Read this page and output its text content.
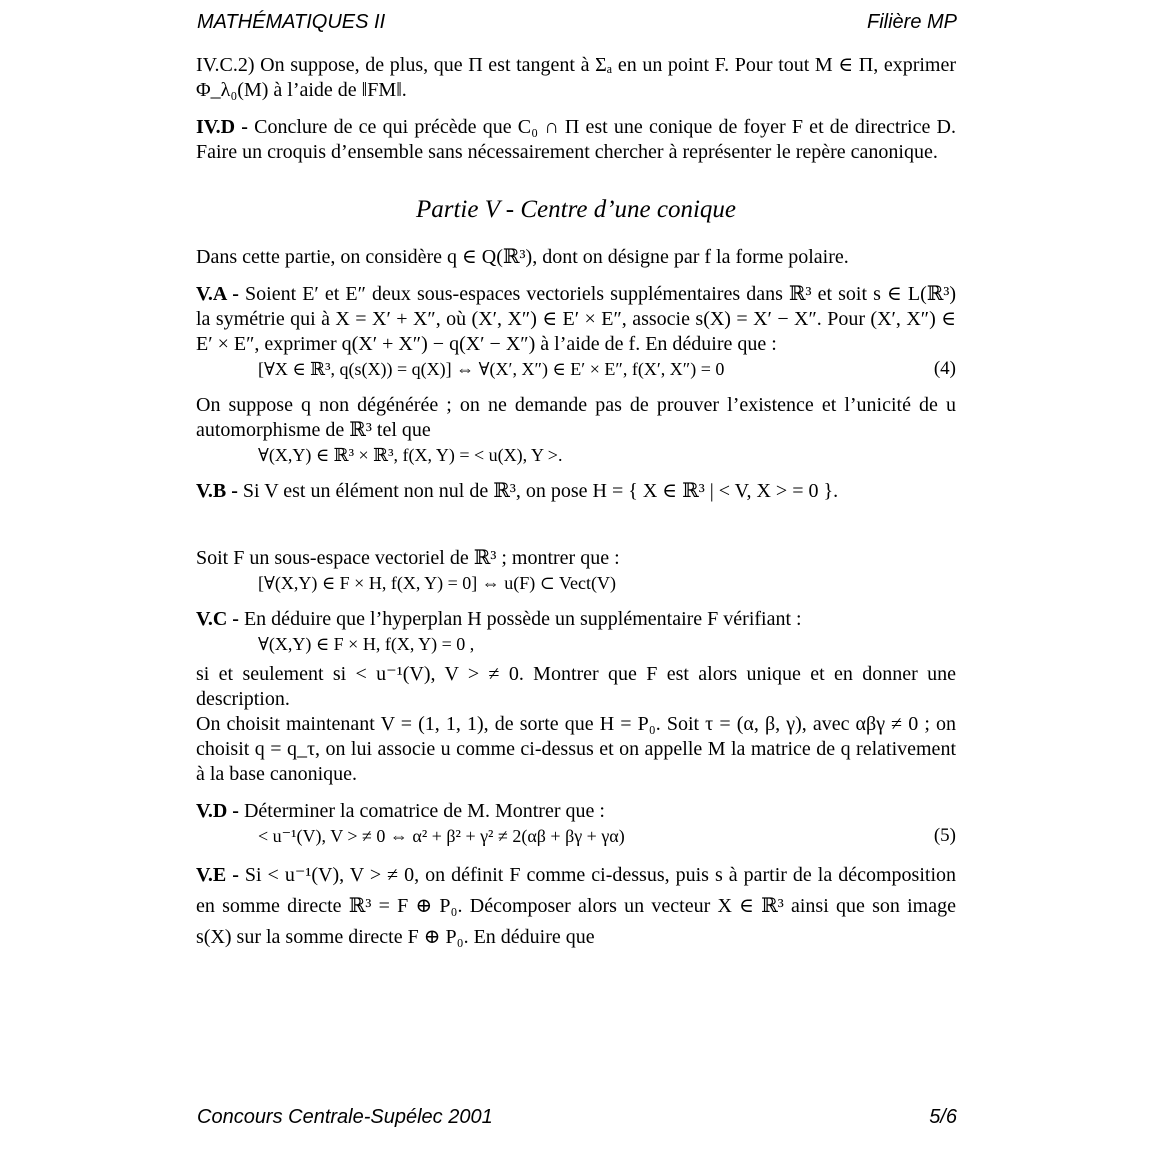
MATHÉMATIQUES II	Filière MP

IV.C.2) On suppose, de plus, que Π est tangent à Σₐ en un point F. Pour tout M ∈ Π, exprimer Φ_λ₀(M) à l’aide de ‖FM‖.

IV.D - Conclure de ce qui précède que C₀ ∩ Π est une conique de foyer F et de directrice D. Faire un croquis d’ensemble sans nécessairement chercher à représenter le repère canonique.

Partie V - Centre d’une conique

Dans cette partie, on considère q ∈ Q(ℝ³), dont on désigne par f la forme polaire.

V.A - Soient E′ et E″ deux sous-espaces vectoriels supplémentaires dans ℝ³ et soit s ∈ L(ℝ³) la symétrie qui à X = X′ + X″, où (X′, X″) ∈ E′ × E″, associe s(X) = X′ − X″. Pour (X′, X″) ∈ E′ × E″, exprimer q(X′ + X″) − q(X′ − X″) à l’aide de f. En déduire que :

[∀X ∈ ℝ³, q(s(X)) = q(X)] ⇔ ∀(X′, X″) ∈ E′ × E″, f(X′, X″) = 0	(4)

On suppose q non dégénérée ; on ne demande pas de prouver l’existence et l’unicité de u automorphisme de ℝ³ tel que

∀(X,Y) ∈ ℝ³ × ℝ³, f(X, Y) = < u(X), Y >.

V.B - Si V est un élément non nul de ℝ³, on pose H = { X ∈ ℝ³ | < V, X > = 0 }.

Soit F un sous-espace vectoriel de ℝ³ ; montrer que :

[∀(X,Y) ∈ F × H, f(X, Y) = 0] ⇔ u(F) ⊂ Vect(V)

V.C - En déduire que l’hyperplan H possède un supplémentaire F vérifiant :

∀(X,Y) ∈ F × H, f(X, Y) = 0 ,

si et seulement si < u⁻¹(V), V > ≠ 0. Montrer que F est alors unique et en donner une description.

On choisit maintenant V = (1, 1, 1), de sorte que H = P₀. Soit τ = (α, β, γ), avec αβγ ≠ 0 ; on choisit q = q_τ, on lui associe u comme ci-dessus et on appelle M la matrice de q relativement à la base canonique.

V.D - Déterminer la comatrice de M. Montrer que :

< u⁻¹(V), V > ≠ 0 ⇔ α² + β² + γ² ≠ 2(αβ + βγ + γα)	(5)

V.E - Si < u⁻¹(V), V > ≠ 0, on définit F comme ci-dessus, puis s à partir de la décomposition en somme directe ℝ³ = F ⊕ P₀. Décomposer alors un vecteur X ∈ ℝ³ ainsi que son image s(X) sur la somme directe F ⊕ P₀. En déduire que

Concours Centrale-Supélec 2001	5/6
